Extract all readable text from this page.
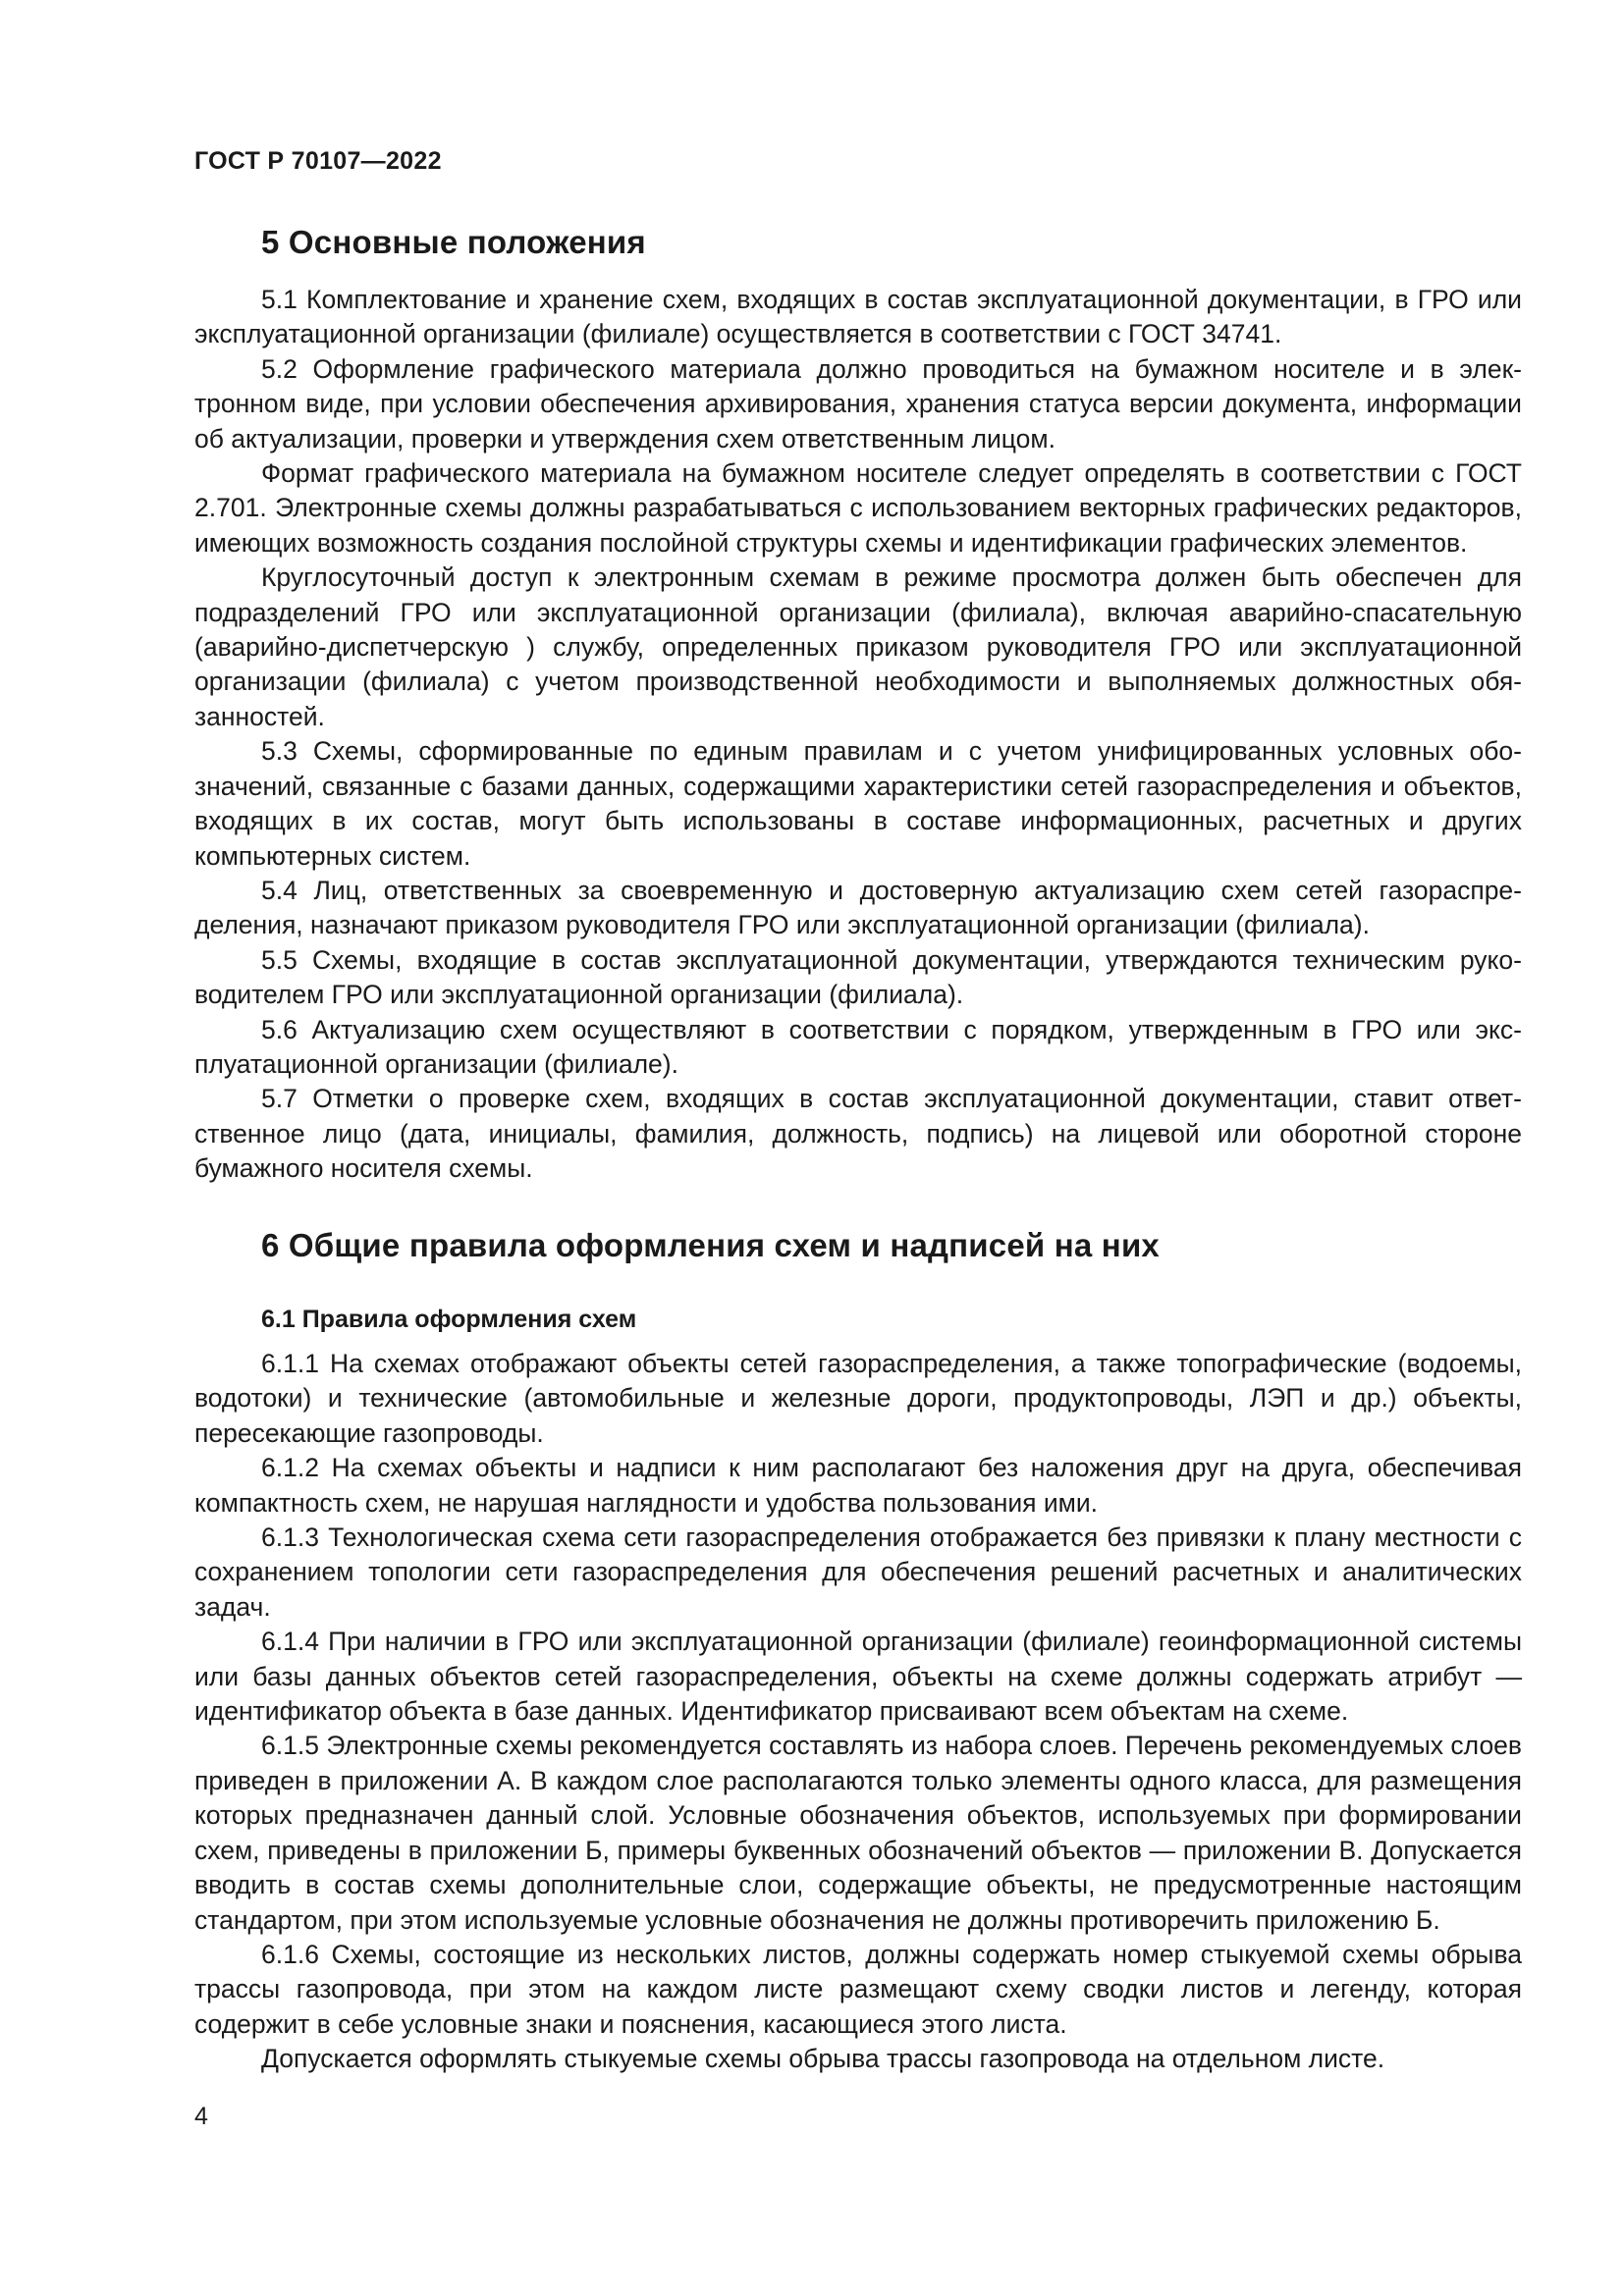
ГОСТ Р 70107—2022

5 Основные положения

5.1 Комплектование и хранение схем, входящих в состав эксплуатационной документации, в ГРО или эксплуатационной организации (филиале) осуществляется в соответствии с ГОСТ 34741.

5.2 Оформление графического материала должно проводиться на бумажном носителе и в электронном виде, при условии обеспечения архивирования, хранения статуса версии документа, информации об актуализации, проверки и утверждения схем ответственным лицом.

Формат графического материала на бумажном носителе следует определять в соответствии с ГОСТ 2.701. Электронные схемы должны разрабатываться с использованием векторных графических редакторов, имеющих возможность создания послойной структуры схемы и идентификации графических элементов.

Круглосуточный доступ к электронным схемам в режиме просмотра должен быть обеспечен для подразделений ГРО или эксплуатационной организации (филиала), включая аварийно-спасательную (аварийно-диспетчерскую ) службу, определенных приказом руководителя ГРО или эксплуатационной организации (филиала) с учетом производственной необходимости и выполняемых должностных обязанностей.

5.3 Схемы, сформированные по единым правилам и с учетом унифицированных условных обозначений, связанные с базами данных, содержащими характеристики сетей газораспределения и объектов, входящих в их состав, могут быть использованы в составе информационных, расчетных и других компьютерных систем.

5.4 Лиц, ответственных за своевременную и достоверную актуализацию схем сетей газораспределения, назначают приказом руководителя ГРО или эксплуатационной организации (филиала).

5.5 Схемы, входящие в состав эксплуатационной документации, утверждаются техническим руководителем ГРО или эксплуатационной организации (филиала).

5.6 Актуализацию схем осуществляют в соответствии с порядком, утвержденным в ГРО или эксплуатационной организации (филиале).

5.7 Отметки о проверке схем, входящих в состав эксплуатационной документации, ставит ответственное лицо (дата, инициалы, фамилия, должность, подпись) на лицевой или оборотной стороне бумажного носителя схемы.

6 Общие правила оформления схем и надписей на них
6.1 Правила оформления схем

6.1.1 На схемах отображают объекты сетей газораспределения, а также топографические (водоемы, водотоки) и технические (автомобильные и железные дороги, продуктопроводы, ЛЭП и др.) объекты, пересекающие газопроводы.

6.1.2 На схемах объекты и надписи к ним располагают без наложения друг на друга, обеспечивая компактность схем, не нарушая наглядности и удобства пользования ими.

6.1.3 Технологическая схема сети газораспределения отображается без привязки к плану местности с сохранением топологии сети газораспределения для обеспечения решений расчетных и аналитических задач.

6.1.4 При наличии в ГРО или эксплуатационной организации (филиале) геоинформационной системы или базы данных объектов сетей газораспределения, объекты на схеме должны содержать атрибут — идентификатор объекта в базе данных. Идентификатор присваивают всем объектам на схеме.

6.1.5 Электронные схемы рекомендуется составлять из набора слоев. Перечень рекомендуемых слоев приведен в приложении А. В каждом слое располагаются только элементы одного класса, для размещения которых предназначен данный слой. Условные обозначения объектов, используемых при формировании схем, приведены в приложении Б, примеры буквенных обозначений объектов — приложении В. Допускается вводить в состав схемы дополнительные слои, содержащие объекты, не предусмотренные настоящим стандартом, при этом используемые условные обозначения не должны противоречить приложению Б.

6.1.6 Схемы, состоящие из нескольких листов, должны содержать номер стыкуемой схемы обрыва трассы газопровода, при этом на каждом листе размещают схему сводки листов и легенду, которая содержит в себе условные знаки и пояснения, касающиеся этого листа.

Допускается оформлять стыкуемые схемы обрыва трассы газопровода на отдельном листе.

4
